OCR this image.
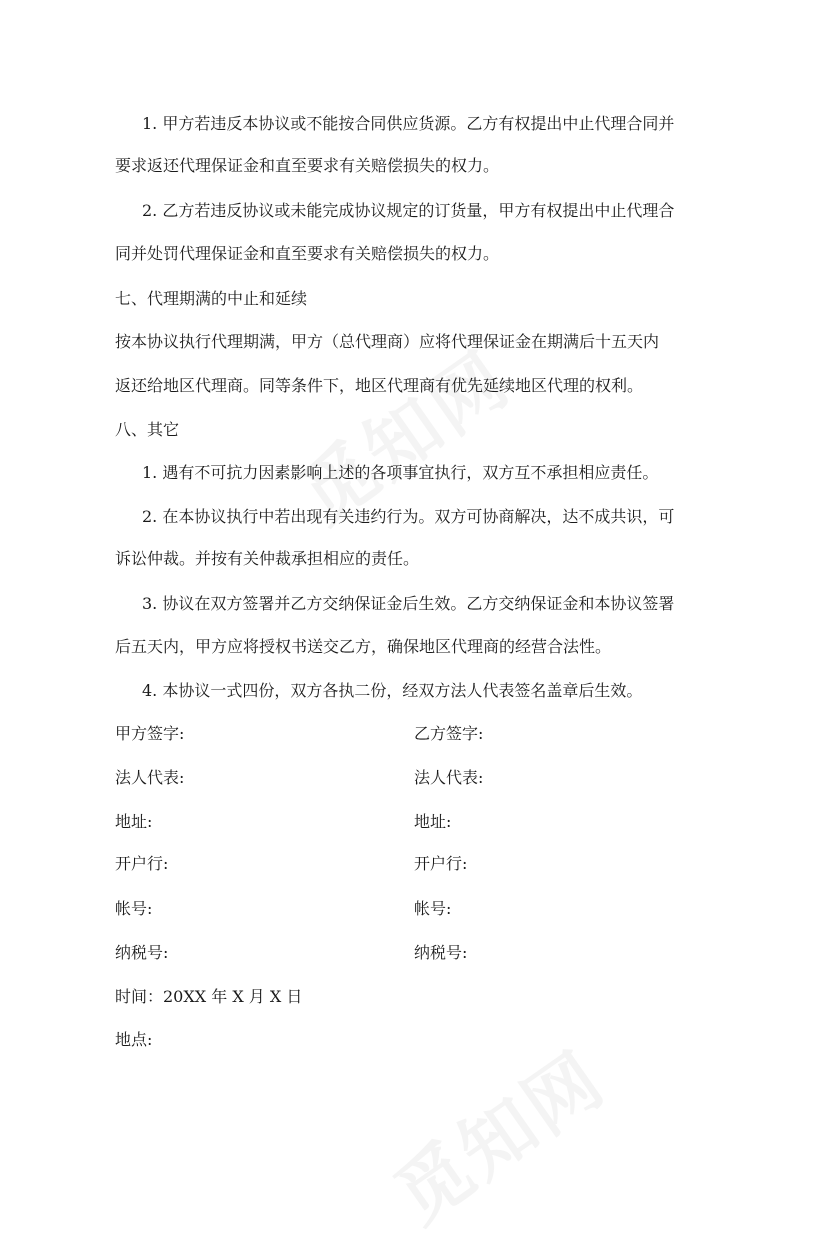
1. 甲方若违反本协议或不能按合同供应货源。乙方有权提出中止代理合同并
要求返还代理保证金和直至要求有关赔偿损失的权力。
2. 乙方若违反协议或未能完成协议规定的订货量，甲方有权提出中止代理合
同并处罚代理保证金和直至要求有关赔偿损失的权力。
七、代理期满的中止和延续
按本协议执行代理期满，甲方（总代理商）应将代理保证金在期满后十五天内
返还给地区代理商。同等条件下，地区代理商有优先延续地区代理的权利。
八、其它
1. 遇有不可抗力因素影响上述的各项事宜执行，双方互不承担相应责任。
2. 在本协议执行中若出现有关违约行为。双方可协商解决，达不成共识，可
诉讼仲裁。并按有关仲裁承担相应的责任。
3. 协议在双方签署并乙方交纳保证金后生效。乙方交纳保证金和本协议签署
后五天内，甲方应将授权书送交乙方，确保地区代理商的经营合法性。
4. 本协议一式四份，双方各执二份，经双方法人代表签名盖章后生效。
甲方签字:	乙方签字:
法人代表:	法人代表:
地址:	地址:
开户行:	开户行:
帐号:	帐号:
纳税号:	纳税号:
时间：20XX 年 X 月 X 日
地点:
